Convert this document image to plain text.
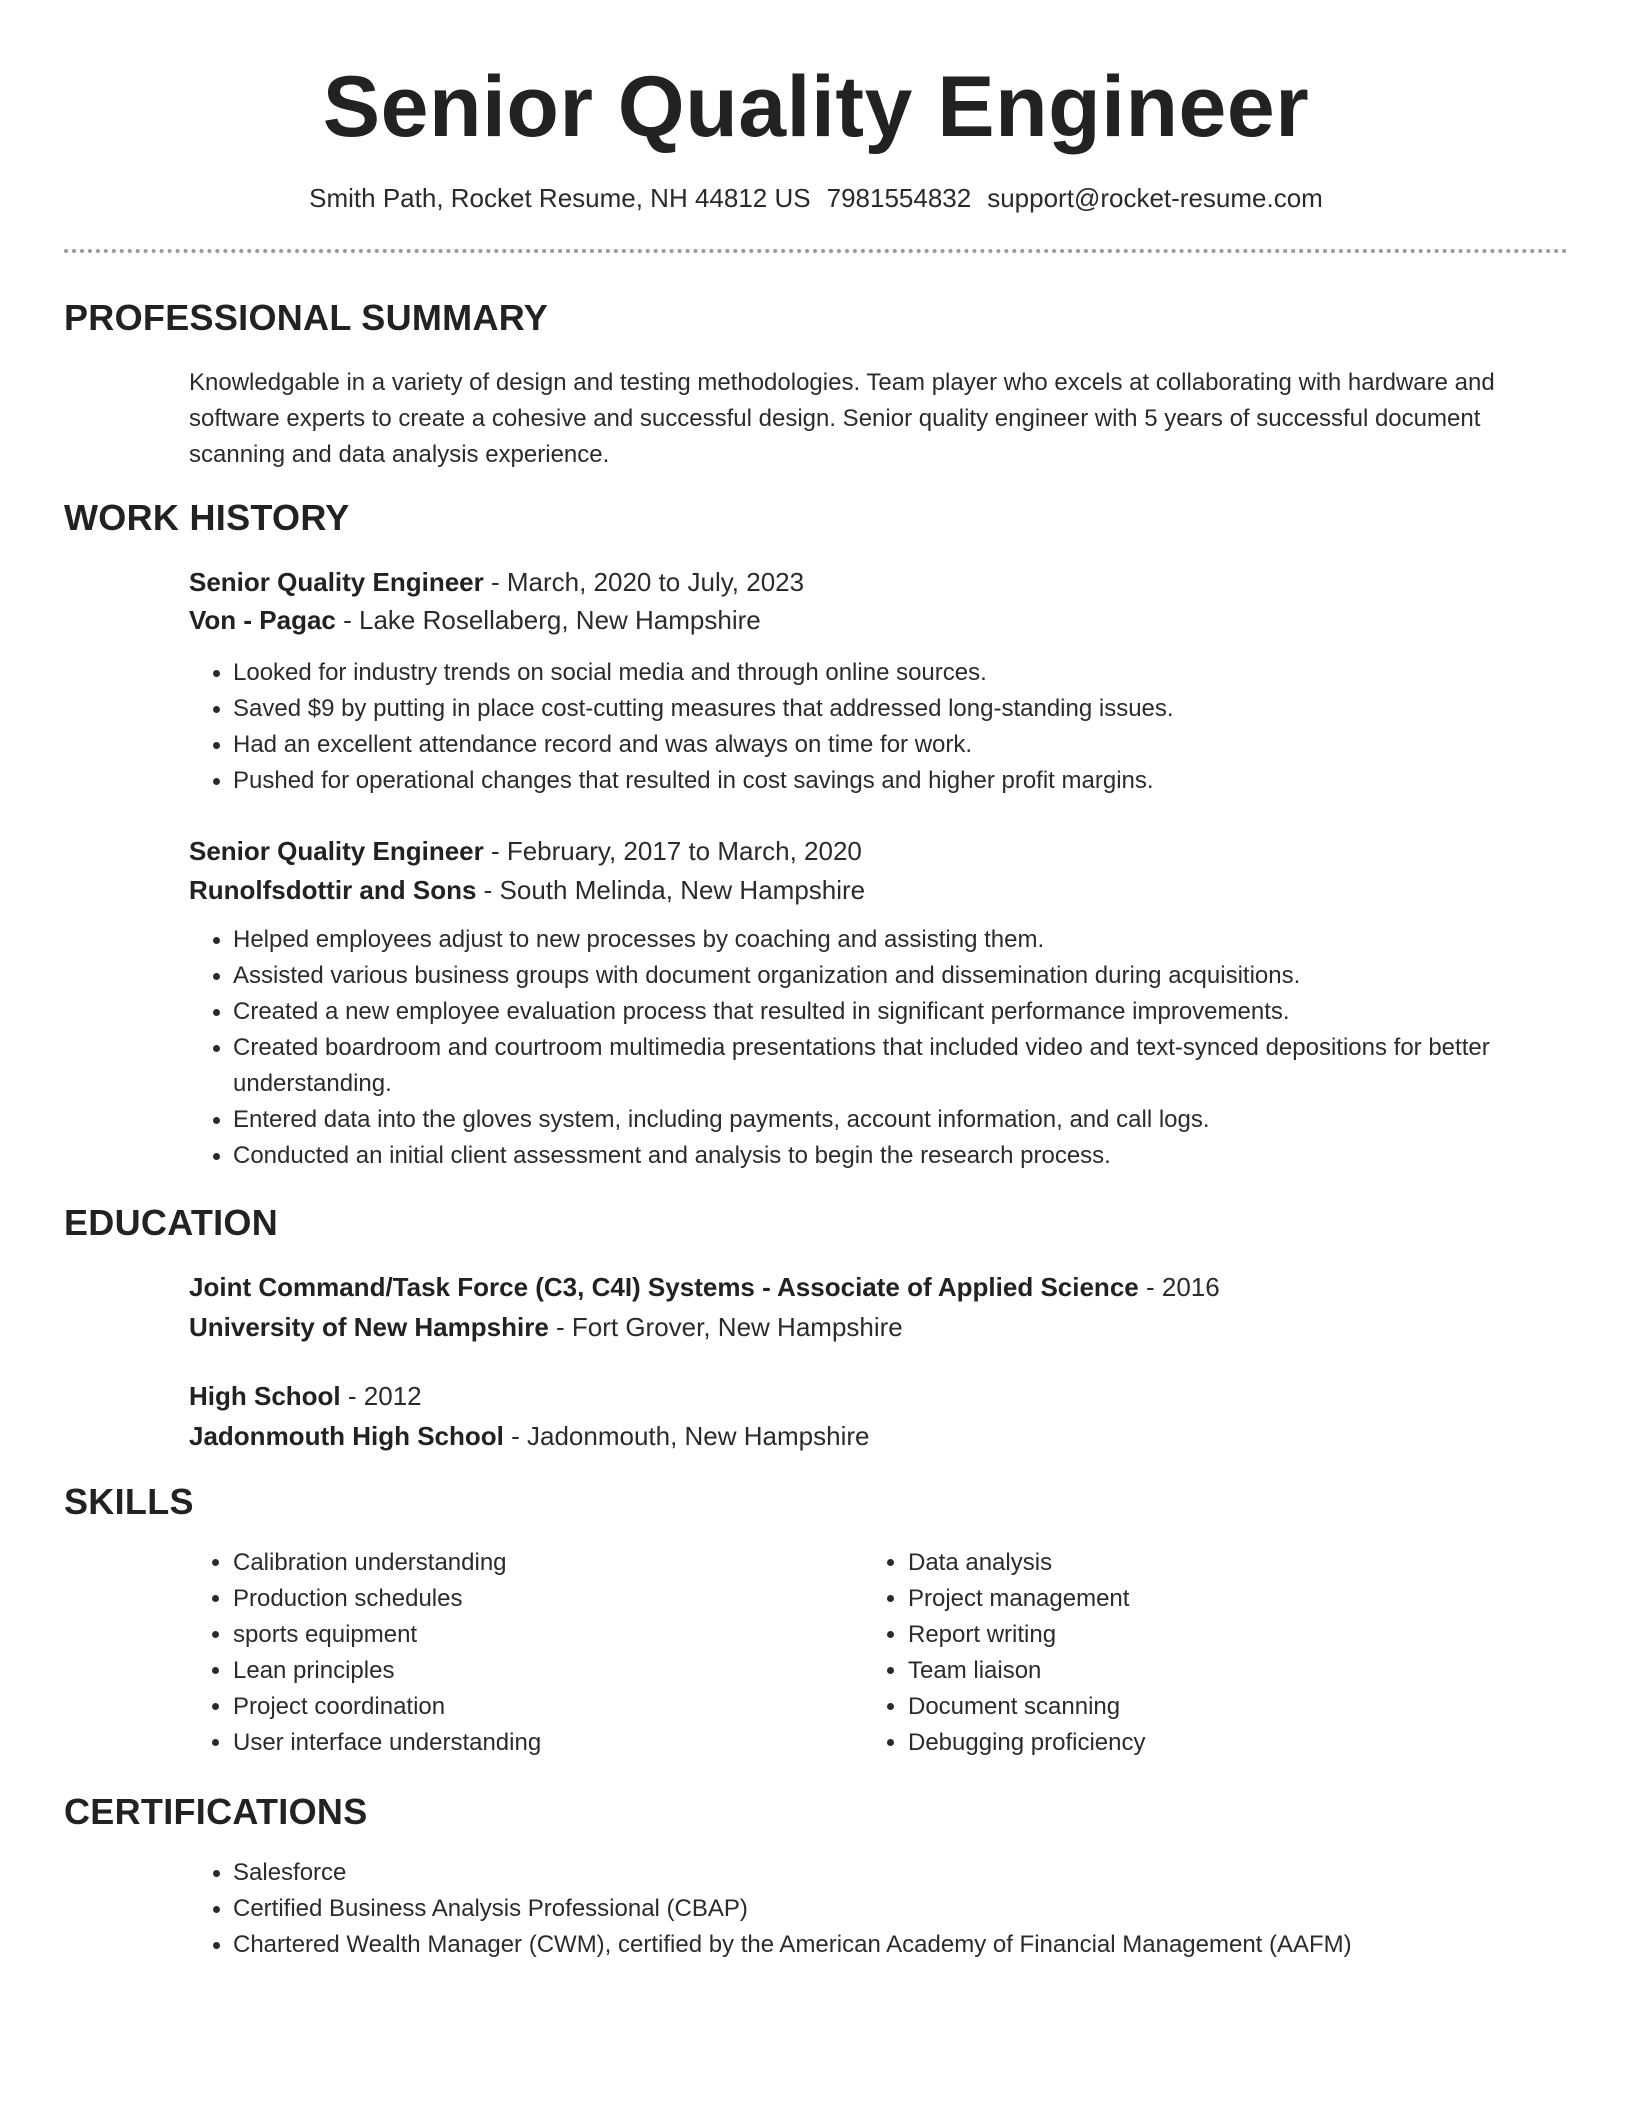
Senior Quality Engineer
Smith Path, Rocket Resume, NH 44812 US 7981554832 support@rocket-resume.com
PROFESSIONAL SUMMARY
Knowledgable in a variety of design and testing methodologies. Team player who excels at collaborating with hardware and software experts to create a cohesive and successful design. Senior quality engineer with 5 years of successful document scanning and data analysis experience.
WORK HISTORY
Senior Quality Engineer - March, 2020 to July, 2023
Von - Pagac - Lake Rosellaberg, New Hampshire
• Looked for industry trends on social media and through online sources.
• Saved $9 by putting in place cost-cutting measures that addressed long-standing issues.
• Had an excellent attendance record and was always on time for work.
• Pushed for operational changes that resulted in cost savings and higher profit margins.
Senior Quality Engineer - February, 2017 to March, 2020
Runolfsdottir and Sons - South Melinda, New Hampshire
• Helped employees adjust to new processes by coaching and assisting them.
• Assisted various business groups with document organization and dissemination during acquisitions.
• Created a new employee evaluation process that resulted in significant performance improvements.
• Created boardroom and courtroom multimedia presentations that included video and text-synced depositions for better understanding.
• Entered data into the gloves system, including payments, account information, and call logs.
• Conducted an initial client assessment and analysis to begin the research process.
EDUCATION
Joint Command/Task Force (C3, C4I) Systems - Associate of Applied Science - 2016
University of New Hampshire - Fort Grover, New Hampshire
High School - 2012
Jadonmouth High School - Jadonmouth, New Hampshire
SKILLS
• Calibration understanding
• Production schedules
• sports equipment
• Lean principles
• Project coordination
• User interface understanding
• Data analysis
• Project management
• Report writing
• Team liaison
• Document scanning
• Debugging proficiency
CERTIFICATIONS
• Salesforce
• Certified Business Analysis Professional (CBAP)
• Chartered Wealth Manager (CWM), certified by the American Academy of Financial Management (AAFM)
